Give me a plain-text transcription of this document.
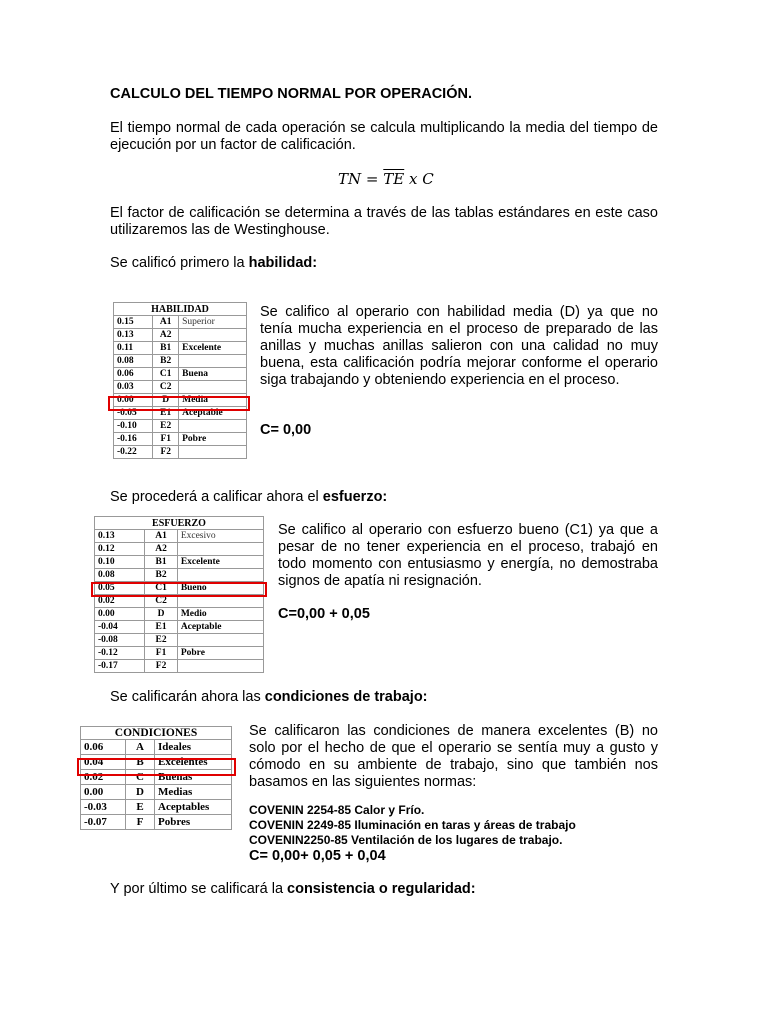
CALCULO DEL TIEMPO NORMAL POR OPERACIÓN.
El tiempo normal de cada operación se calcula multiplicando la media del tiempo de ejecución por un factor de calificación.
TN = $\overline{TE}$ x C
El factor de calificación se determina a través de las tablas estándares en este caso utilizaremos las de Westinghouse.
Se calificó primero la habilidad:
HABILIDAD		
0.15	A1	Superior
0.13	A2	
0.11	B1	Excelente
0.08	B2	
0.06	C1	Buena
0.03	C2	
0.00	D	Media
-0.05	E1	Aceptable
-0.10	E2	
-0.16	F1	Pobre
-0.22	F2	
Se califico al operario con habilidad media (D) ya que no tenía mucha experiencia en el proceso de preparado de las anillas y muchas anillas salieron con una calidad no muy buena, esta calificación podría mejorar conforme el operario siga trabajando y obteniendo experiencia en el proceso.
C= 0,00
Se procederá a calificar ahora el esfuerzo:
ESFUERZO		
0.13	A1	Excesivo
0.12	A2	
0.10	B1	Excelente
0.08	B2	
0.05	C1	Bueno
0.02	C2	
0.00	D	Medio
-0.04	E1	Aceptable
-0.08	E2	
-0.12	F1	Pobre
-0.17	F2	
Se califico al operario con esfuerzo bueno (C1) ya que a pesar de no tener experiencia en el proceso, trabajó en todo momento con entusiasmo y energía, no demostraba signos de apatía ni resignación.
C=0,00 + 0,05
Se calificarán ahora las condiciones de trabajo:
CONDICIONES		
0.06	A	Ideales
0.04	B	Excelentes
0.02	C	Buenas
0.00	D	Medias
-0.03	E	Aceptables
-0.07	F	Pobres
Se calificaron las condiciones de manera excelentes (B) no solo por el hecho de que el operario se sentía muy a gusto y cómodo en su ambiente de trabajo, sino que también nos basamos en las siguientes normas:
COVENIN 2254-85 Calor y Frío.
COVENIN 2249-85 Iluminación en taras y áreas de trabajo
COVENIN2250-85 Ventilación de los lugares de trabajo.
C= 0,00+ 0,05 + 0,04
Y por último se calificará la consistencia o regularidad:
